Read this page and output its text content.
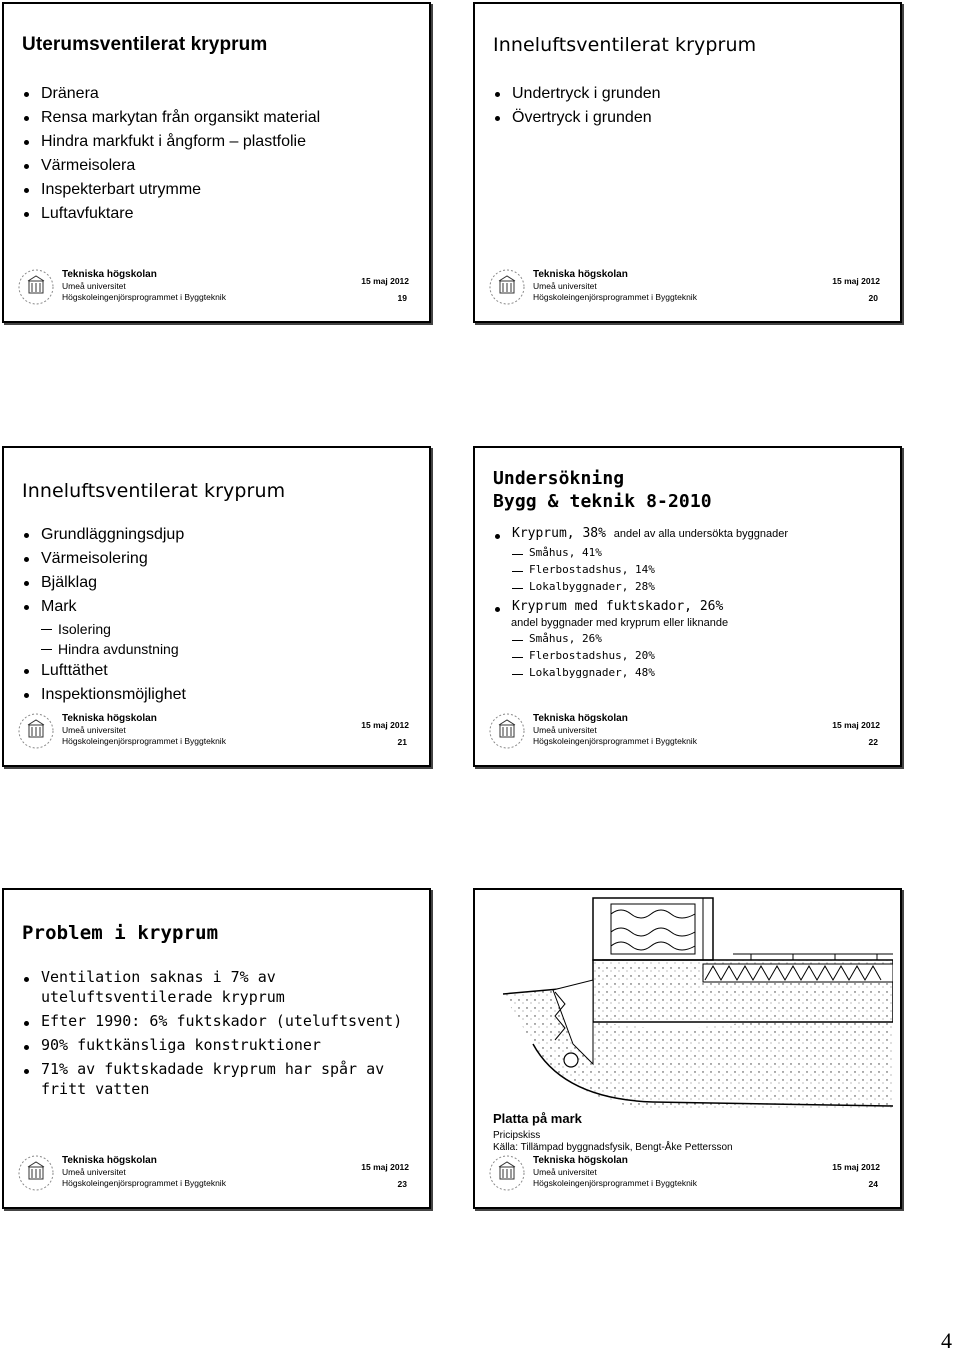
Uterumsventilerat kryprum
Dränera
Rensa markytan från organsikt material
Hindra markfukt i ångform – plastfolie
Värmeisolera
Inspekterbart utrymme
Luftavfuktare
Tekniska högskolan
Umeå universitet
Högskoleingenjörsprogrammet i Byggteknik
15 maj 2012
19
Inneluftsventilerat kryprum
Undertryck i grunden
Övertryck i grunden
Tekniska högskolan
Umeå universitet
Högskoleingenjörsprogrammet i Byggteknik
15 maj 2012
20
Inneluftsventilerat kryprum
Grundläggningsdjup
Värmeisolering
Bjälklag
Mark
Isolering
Hindra avdunstning
Lufttäthet
Inspektionsmöjlighet
Tekniska högskolan
Umeå universitet
Högskoleingenjörsprogrammet i Byggteknik
15 maj 2012
21
Undersökning
Bygg & teknik 8-2010
Kryprum, 38% andel av alla undersökta byggnader
Småhus, 41%
Flerbostadshus, 14%
Lokalbyggnader, 28%
Kryprum med fuktskador, 26%
andel byggnader med kryprum eller liknande
Småhus, 26%
Flerbostadshus, 20%
Lokalbyggnader, 48%
Tekniska högskolan
Umeå universitet
Högskoleingenjörsprogrammet i Byggteknik
15 maj 2012
22
Problem i kryprum
Ventilation saknas i 7% av uteluftsventilerade kryprum
Efter 1990: 6% fuktskador (uteluftsvent)
90% fuktkänsliga konstruktioner
71% av fuktskadade kryprum har spår av fritt vatten
Tekniska högskolan
Umeå universitet
Högskoleingenjörsprogrammet i Byggteknik
15 maj 2012
23
Platta på mark
Pricipskiss
Källa: Tillämpad byggnadsfysik, Bengt-Åke Pettersson
Tekniska högskolan
Umeå universitet
Högskoleingenjörsprogrammet i Byggteknik
15 maj 2012
24
4
